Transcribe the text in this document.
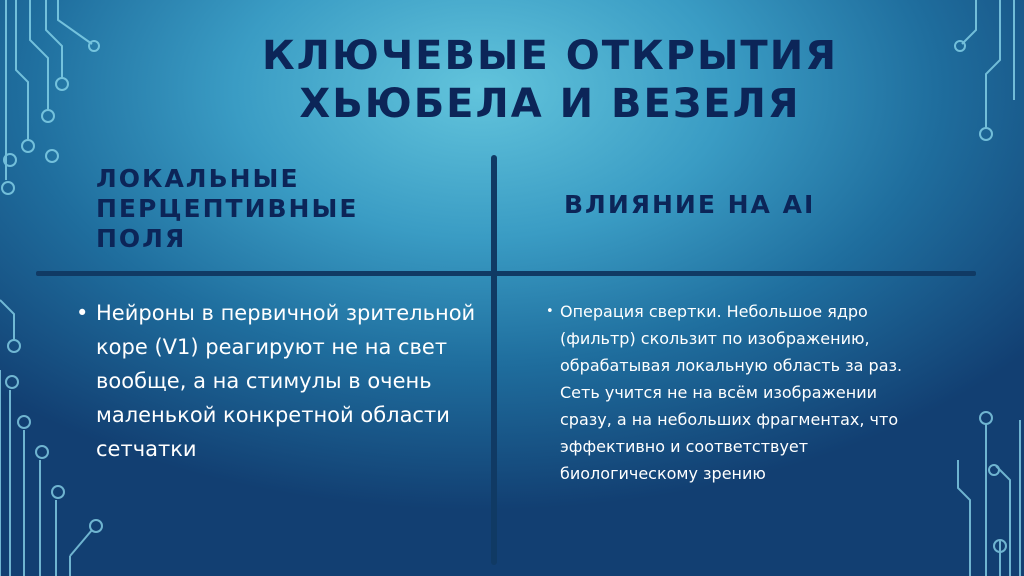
КЛЮЧЕВЫЕ ОТКРЫТИЯ
ХЬЮБЕЛА И ВЕЗЕЛЯ
ЛОКАЛЬНЫЕ
ПЕРЦЕПТИВНЫЕ
ПОЛЯ
ВЛИЯНИЕ НА AI
• Нейроны в первичной зрительной коре (V1) реагируют не на свет вообще, а на стимулы в очень маленькой конкретной области сетчатки
• Операция свертки. Небольшое ядро (фильтр) скользит по изображению, обрабатывая локальную область за раз. Сеть учится не на всём изображении сразу, а на небольших фрагментах, что эффективно и соответствует биологическому зрению
